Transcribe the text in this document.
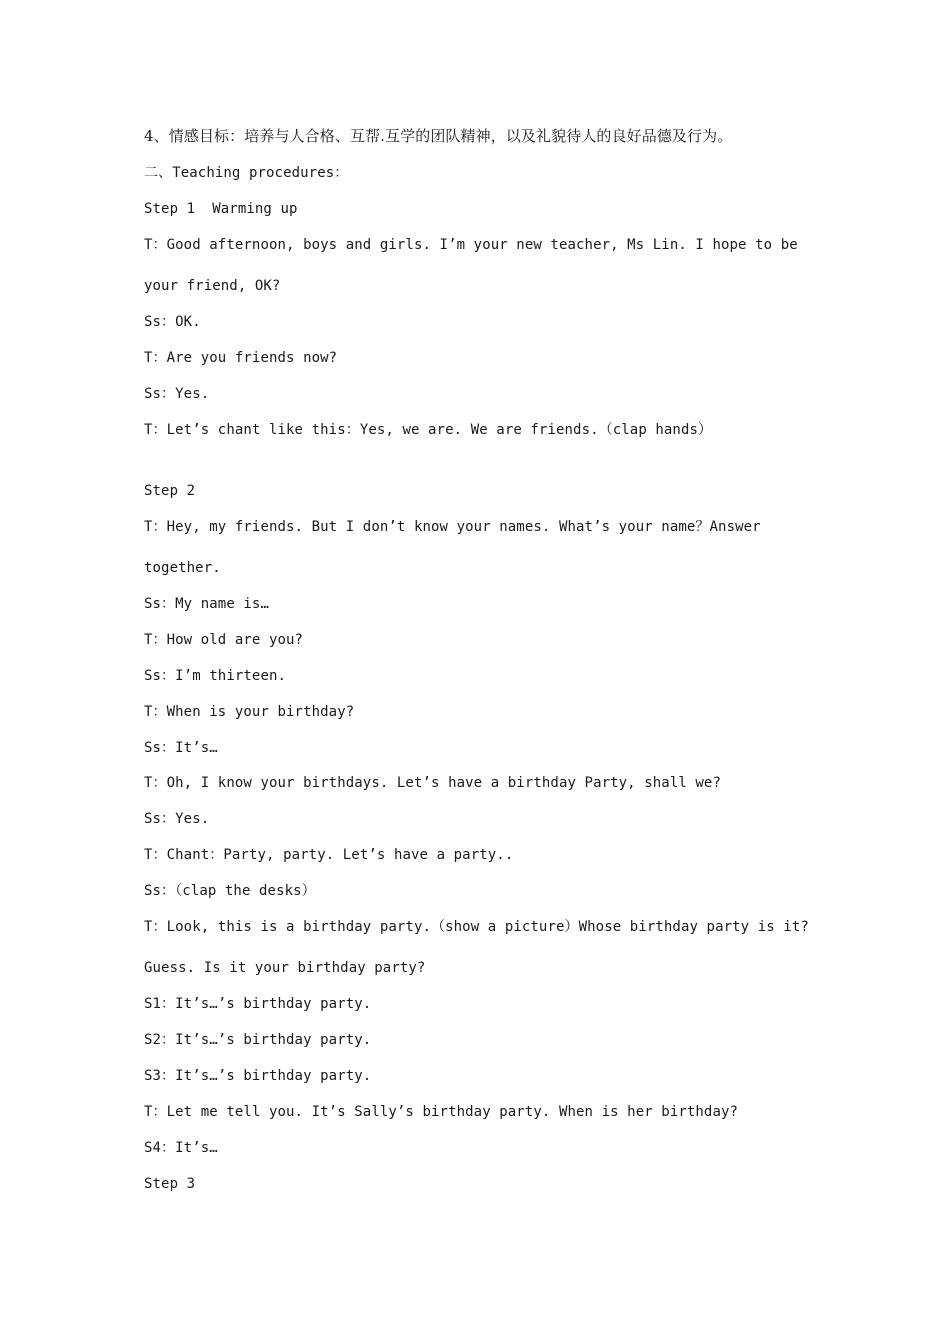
4、情感目标：培养与人合格、互帮.互学的团队精神，以及礼貌待人的良好品德及行为。
二、Teaching procedures：
Step 1  Warming up
T：Good afternoon, boys and girls. I’m your new teacher, Ms Lin. I hope to be
your friend, OK?
Ss：OK.
T：Are you friends now?
Ss：Yes.
T：Let’s chant like this：Yes, we are. We are friends.（clap hands）
Step 2
T：Hey, my friends. But I don’t know your names. What’s your name？Answer
together.
Ss：My name is…
T：How old are you?
Ss：I’m thirteen.
T：When is your birthday?
Ss：It’s…
T：Oh, I know your birthdays. Let’s have a birthday Party, shall we?
Ss：Yes.
T：Chant：Party, party. Let’s have a party..
Ss：（clap the desks）
T：Look, this is a birthday party.（show a picture）Whose birthday party is it?
Guess. Is it your birthday party?
S1：It’s…’s birthday party.
S2：It’s…’s birthday party.
S3：It’s…’s birthday party.
T：Let me tell you. It’s Sally’s birthday party. When is her birthday?
S4：It’s…
Step 3
